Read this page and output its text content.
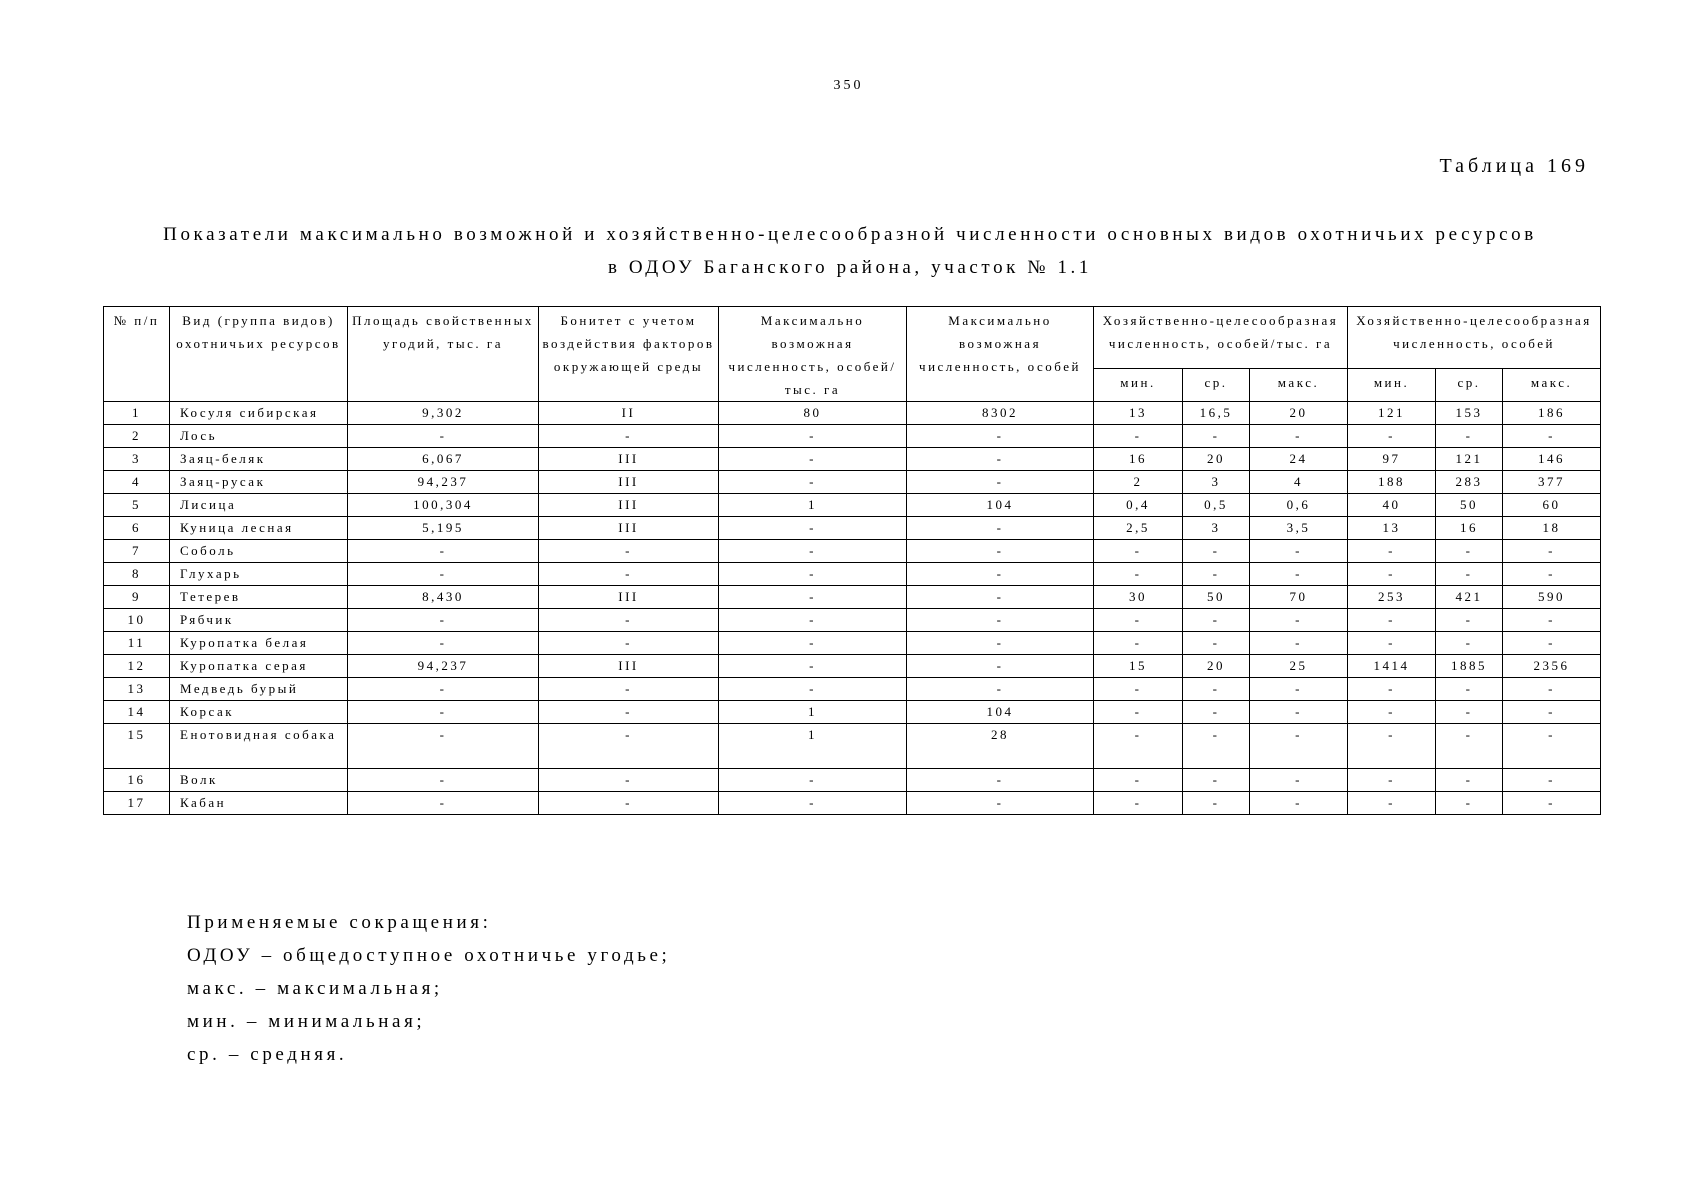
350
Таблица 169
Показатели максимально возможной и хозяйственно-целесообразной численности основных видов охотничьих ресурсов
в ОДОУ Баганского района, участок № 1.1
№ п/п	Вид (группа видов) охотничьих ресурсов	Площадь свойственных угодий, тыс. га	Бонитет с учетом воздействия факторов окружающей среды	Максимально возможная численность, особей/тыс. га	Максимально возможная численность, особей	Хозяйственно-целесообразная численность, особей/тыс. га			Хозяйственно-целесообразная численность, особей		
						мин.	ср.	макс.	мин.	ср.	макс.
1	Косуля сибирская	9,302	II	80	8302	13	16,5	20	121	153	186
2	Лось	-	-	-	-	-	-	-	-	-	-
3	Заяц-беляк	6,067	III	-	-	16	20	24	97	121	146
4	Заяц-русак	94,237	III	-	-	2	3	4	188	283	377
5	Лисица	100,304	III	1	104	0,4	0,5	0,6	40	50	60
6	Куница лесная	5,195	III	-	-	2,5	3	3,5	13	16	18
7	Соболь	-	-	-	-	-	-	-	-	-	-
8	Глухарь	-	-	-	-	-	-	-	-	-	-
9	Тетерев	8,430	III	-	-	30	50	70	253	421	590
10	Рябчик	-	-	-	-	-	-	-	-	-	-
11	Куропатка белая	-	-	-	-	-	-	-	-	-	-
12	Куропатка серая	94,237	III	-	-	15	20	25	1414	1885	2356
13	Медведь бурый	-	-	-	-	-	-	-	-	-	-
14	Корсак	-	-	1	104	-	-	-	-	-	-
15	Енотовидная собака	-	-	1	28	-	-	-	-	-	-
16	Волк	-	-	-	-	-	-	-	-	-	-
17	Кабан	-	-	-	-	-	-	-	-	-	-
Применяемые сокращения:
ОДОУ – общедоступное охотничье угодье;
макс. – максимальная;
мин. – минимальная;
ср. – средняя.
